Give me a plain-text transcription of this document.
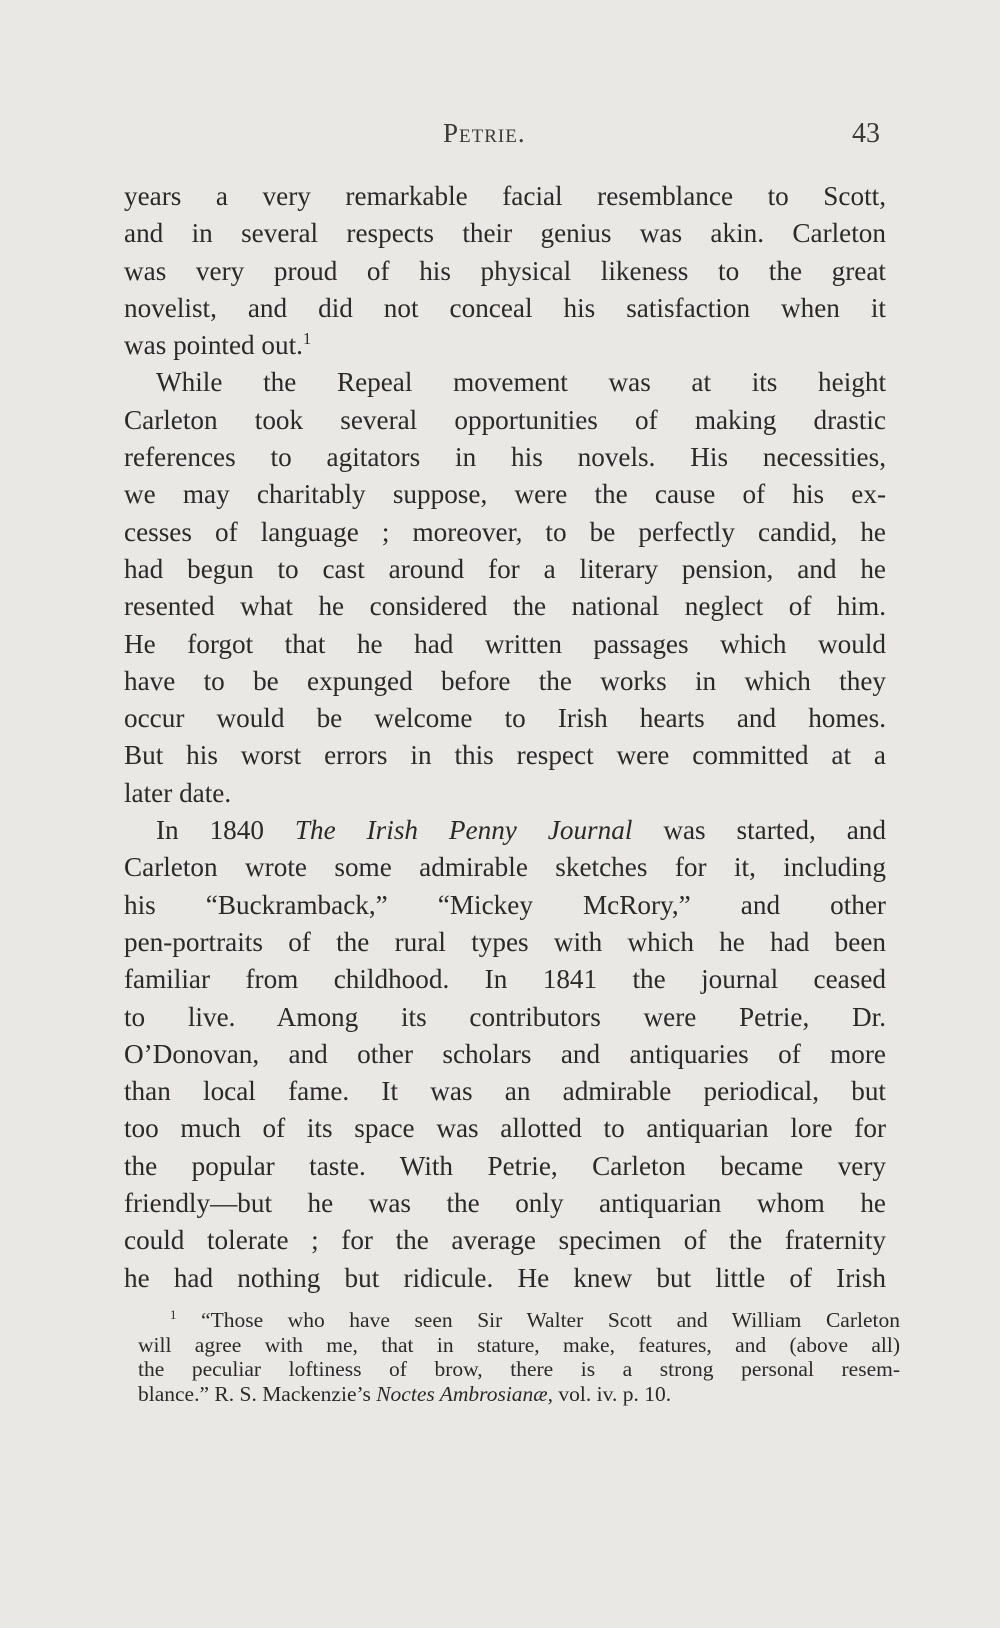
Petrie.	43
years a very remarkable facial resemblance to Scott,
and in several respects their genius was akin. Carleton
was very proud of his physical likeness to the great
novelist, and did not conceal his satisfaction when it
was pointed out.$^1$
While the Repeal movement was at its height
Carleton took several opportunities of making drastic
references to agitators in his novels. His necessities,
we may charitably suppose, were the cause of his ex-
cesses of language ; moreover, to be perfectly candid, he
had begun to cast around for a literary pension, and he
resented what he considered the national neglect of him.
He forgot that he had written passages which would
have to be expunged before the works in which they
occur would be welcome to Irish hearts and homes.
But his worst errors in this respect were committed at a
later date.
In 1840 The Irish Penny Journal was started, and
Carleton wrote some admirable sketches for it, including
his “Buckramback,” “Mickey McRory,” and other
pen-portraits of the rural types with which he had been
familiar from childhood. In 1841 the journal ceased
to live. Among its contributors were Petrie, Dr.
O’Donovan, and other scholars and antiquaries of more
than local fame. It was an admirable periodical, but
too much of its space was allotted to antiquarian lore for
the popular taste. With Petrie, Carleton became very
friendly—but he was the only antiquarian whom he
could tolerate ; for the average specimen of the fraternity
he had nothing but ridicule. He knew but little of Irish
$^1$ “Those who have seen Sir Walter Scott and William Carleton
will agree with me, that in stature, make, features, and (above all)
the peculiar loftiness of brow, there is a strong personal resem-
blance.” R. S. Mackenzie’s Noctes Ambrosianæ, vol. iv. p. 10.
